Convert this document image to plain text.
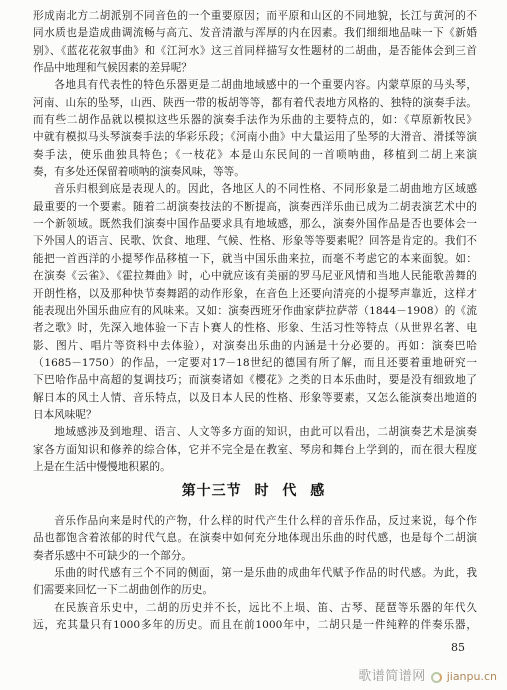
形成南北方二胡派别不同音色的一个重要原因；而平原和山区的不同地貌，长江与黄河的不
同水质也是造成曲调流畅与高亢、发音清澈与浑厚的内在因素。我们细细地品味一下《新婚
别》、《蓝花花叙事曲》和《江河水》这三首同样描写女性题材的二胡曲，是否能体会到三首
作品中地理和气候因素的差异呢？
各地具有代表性的特色乐器更是二胡曲地域感中的一个重要内容。内蒙草原的马头琴，
河南、山东的坠琴，山西、陕西一带的板胡等等，都有着代表地方风格的、独特的演奏手法。
而有些二胡作品就以模拟这些乐器的演奏手法作为乐曲的主要特点的，如：《草原新牧民》
中就有模拟马头琴演奏手法的华彩乐段；《河南小曲》中大量运用了坠琴的大滑音、滑揉等演
奏手法，使乐曲独具特色；《一枝花》本是山东民间的一首唢呐曲，移植到二胡上来演
奏，有多处还保留着唢呐的演奏风味，等等。
音乐归根到底是表现人的。因此，各地区人的不同性格、不同形象是二胡曲地方区域感
最重要的一个要素。随着二胡演奏技法的不断提高，演奏西洋乐曲已成为二胡表演艺术中的
一个新领域。既然我们演奏中国作品要求具有地域感，那么，演奏外国作品是否也要体会一
下外国人的语言、民歌、饮食、地理、气候、性格、形象等等要素呢？回答是肯定的。我们不
能把一首西洋的小提琴作品移植一下，就当中国乐曲来拉，而毫不考虑它的本来面貌。如：
在演奏《云雀》、《霍拉舞曲》时，心中就应该有美丽的罗马尼亚风情和当地人民能歌善舞的
开朗性格，以及那种快节奏舞蹈的动作形象，在音色上还要向清亮的小提琴声靠近，这样才
能表现出外国乐曲应有的风味来。又如：演奏西班牙作曲家萨拉萨蒂（1844－1908）的《流
者之歌》时，先深入地体验一下吉卜赛人的性格、形象、生活习性等特点（从世界名著、电
影、图片、唱片等资料中去体验），对演奏出乐曲的内涵是十分必要的。再如：演奏巴哈
（1685－1750）的作品，一定要对17－18世纪的德国有所了解，而且还要着重地研究一
下巴哈作品中高超的复调技巧；而演奏诸如《樱花》之类的日本乐曲时，要是没有细致地了
解日本的风土人情、音乐特点，以及日本人民的性格、形象等要素，又怎么能演奏出地道的
日本风味呢？
地域感涉及到地理、语言、人文等多方面的知识，由此可以看出，二胡演奏艺术是演奏
家各方面知识和修养的综合体，它并不完全是在教室、琴房和舞台上学到的，而在很大程度
上是在生活中慢慢地积累的。
第十三节 时 代 感
音乐作品向来是时代的产物，什么样的时代产生什么样的音乐作品，反过来说，每个作
品也都饱含着浓郁的时代气息。在演奏中如何充分地体现出乐曲的时代感，也是每个二胡演
奏者乐感中不可缺少的一个部分。
乐曲的时代感有三个不同的侧面，第一是乐曲的成曲年代赋予作品的时代感。为此，我
们需要来回忆一下二胡曲创作的历史。
在民族音乐史中，二胡的历史并不长，远比不上埙、笛、古琴、琵琶等乐器的年代久
远，充其量只有1000多年的历史。而且在前1000年中，二胡只是一件纯粹的伴奏乐器，
85
歌谱简谱网 jianpu.cn
